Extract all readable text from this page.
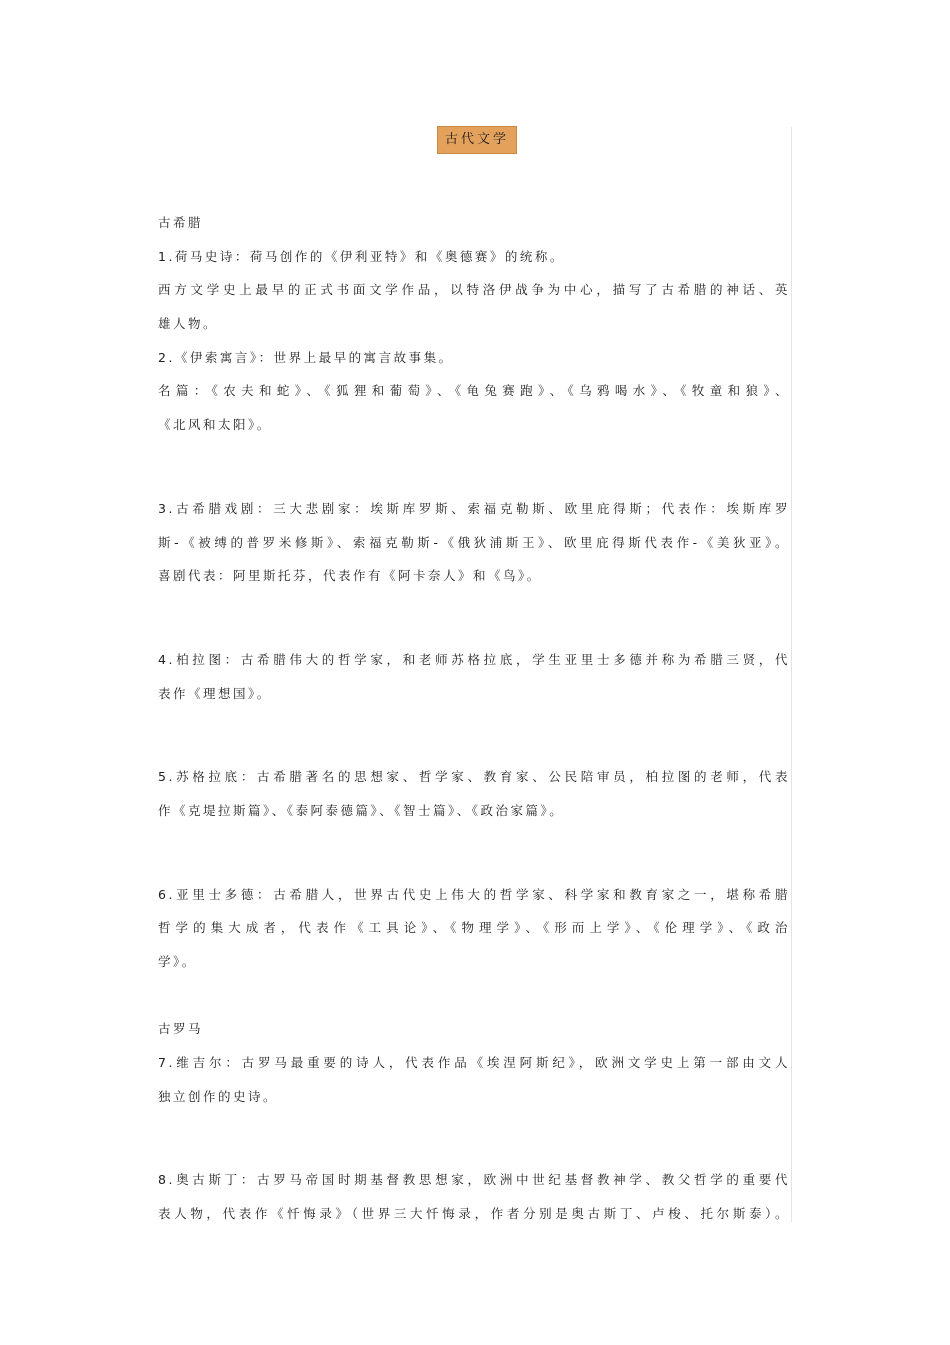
古代文学
古希腊
1.荷马史诗：荷马创作的《伊利亚特》和《奥德赛》的统称。
西方文学史上最早的正式书面文学作品，以特洛伊战争为中心，描写了古希腊的神话、英
雄人物。
2.《伊索寓言》：世界上最早的寓言故事集。
名篇：《农夫和蛇》、《狐狸和葡萄》、《龟兔赛跑》、《乌鸦喝水》、《牧童和狼》、
《北风和太阳》。
3.古希腊戏剧：三大悲剧家：埃斯库罗斯、索福克勒斯、欧里庇得斯；代表作：埃斯库罗
斯-《被缚的普罗米修斯》、索福克勒斯-《俄狄浦斯王》、欧里庇得斯代表作-《美狄亚》。
喜剧代表：阿里斯托芬，代表作有《阿卡奈人》和《鸟》。
4.柏拉图：古希腊伟大的哲学家，和老师苏格拉底，学生亚里士多德并称为希腊三贤，代
表作《理想国》。
5.苏格拉底：古希腊著名的思想家、哲学家、教育家、公民陪审员，柏拉图的老师，代表
作《克堤拉斯篇》、《泰阿泰德篇》、《智士篇》、《政治家篇》。
6.亚里士多德：古希腊人，世界古代史上伟大的哲学家、科学家和教育家之一，堪称希腊
哲学的集大成者，代表作《工具论》、《物理学》、《形而上学》、《伦理学》、《政治
学》。
古罗马
7.维吉尔：古罗马最重要的诗人，代表作品《埃涅阿斯纪》，欧洲文学史上第一部由文人
独立创作的史诗。
8.奥古斯丁：古罗马帝国时期基督教思想家，欧洲中世纪基督教神学、教父哲学的重要代
表人物，代表作《忏悔录》（世界三大忏悔录，作者分别是奥古斯丁、卢梭、托尔斯泰）。
